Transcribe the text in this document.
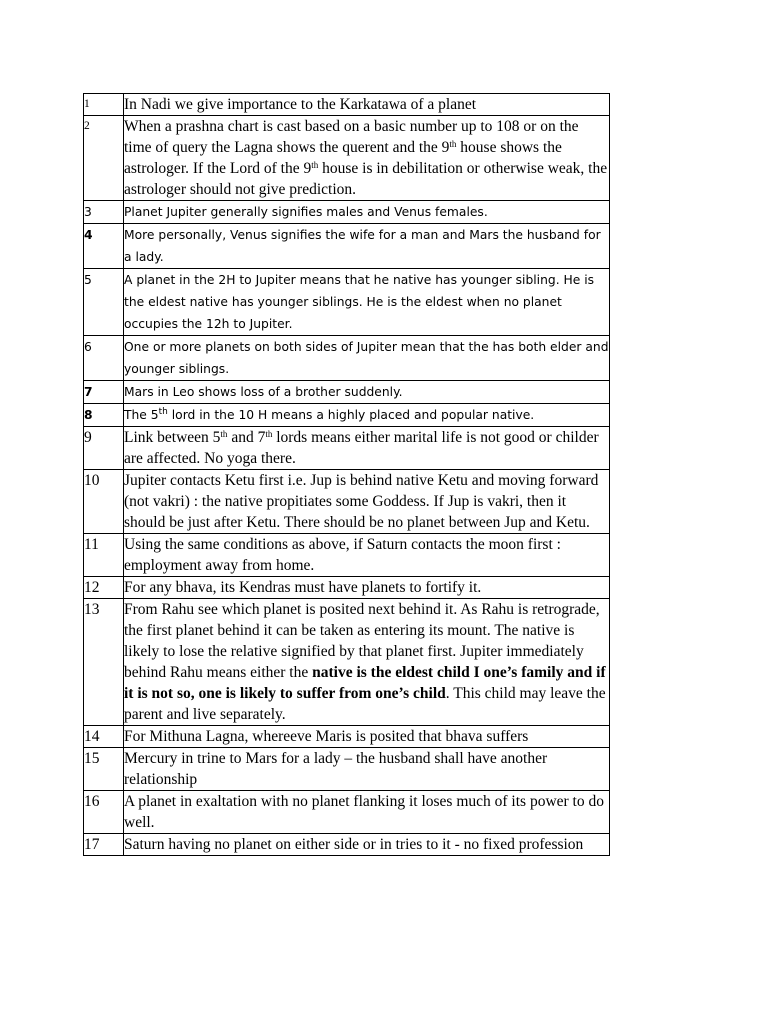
1	In Nadi we give importance to the Karkatawa of a planet
2	When a prashna chart is cast based on a basic number up to 108 or on the time of query the Lagna shows the querent and the 9th house shows the astrologer. If the Lord of the 9th house is in debilitation or otherwise weak, the astrologer should not give prediction.
3	Planet Jupiter generally signifies males and Venus females.
4	More personally, Venus signifies the wife for a man and Mars the husband for a lady.
5	A planet in the 2H to Jupiter means that he native has younger sibling. He is the eldest native has younger siblings. He is the eldest when no planet occupies the 12h to Jupiter.
6	One or more planets on both sides of Jupiter mean that the has both elder and younger siblings.
7	Mars in Leo shows loss of a brother suddenly.
8	The 5th lord in the 10 H means a highly placed and popular native.
9	Link between 5th and 7th lords means either marital life is not good or childer are affected. No yoga there.
10	Jupiter contacts Ketu first i.e. Jup is behind native Ketu and moving forward (not vakri) : the native propitiates some Goddess. If Jup is vakri, then it should be just after Ketu. There should be no planet between Jup and Ketu.
11	Using the same conditions as above, if Saturn contacts the moon first : employment away from home.
12	For any bhava, its Kendras must have planets to fortify it.
13	From Rahu see which planet is posited next behind it. As Rahu is retrograde, the first planet behind it can be taken as entering its mount. The native is likely to lose the relative signified by that planet first. Jupiter immediately behind Rahu means either the native is the eldest child I one’s family and if it is not so, one is likely to suffer from one’s child. This child may leave the parent and live separately.
14	For Mithuna Lagna, whereeve Maris is posited that bhava suffers
15	Mercury in trine to Mars for a lady – the husband shall have another relationship
16	A planet in exaltation with no planet flanking it loses much of its power to do well.
17	Saturn having no planet on either side or in tries to it - no fixed profession
